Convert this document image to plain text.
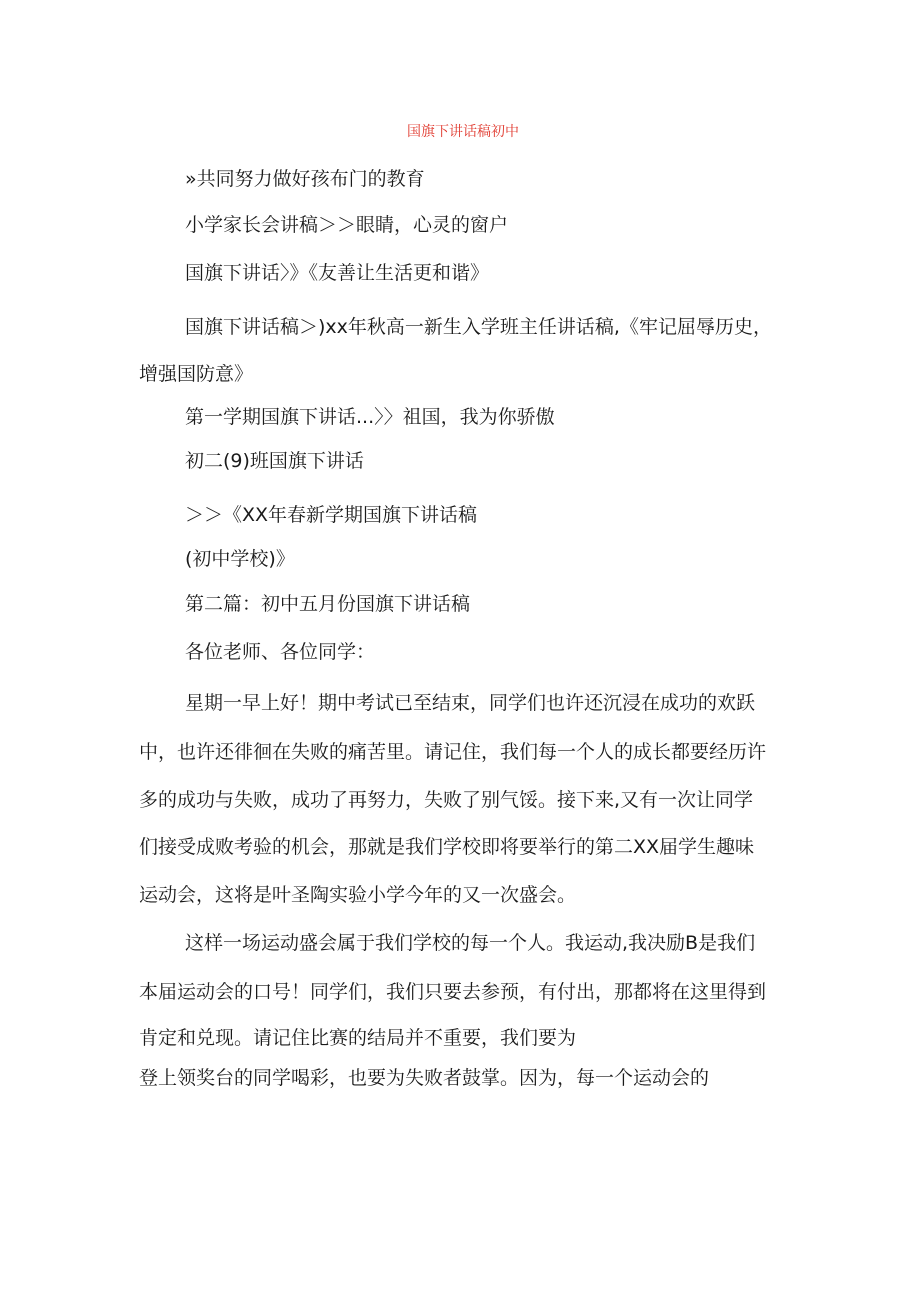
国旗下讲话稿初中
»共同努力做好孩布门的教育
小学家长会讲稿＞＞眼睛，心灵的窗户
国旗下讲话〉》《友善让生活更和谐》
国旗下讲话稿＞)xx年秋高一新生入学班主任讲话稿,《牢记屈辱历史，
增强国防意》
第一学期国旗下讲话...〉〉祖国，我为你骄傲
初二(9)班国旗下讲话
＞＞《XX年春新学期国旗下讲话稿
(初中学校)》
第二篇：初中五月份国旗下讲话稿
各位老师、各位同学：
星期一早上好！期中考试已至结束，同学们也许还沉浸在成功的欢跃
中，也许还徘徊在失败的痛苦里。请记住，我们每一个人的成长都要经历许
多的成功与失败，成功了再努力，失败了别气馁。接下来,又有一次让同学
们接受成败考验的机会，那就是我们学校即将要举行的第二XX届学生趣味
运动会，这将是叶圣陶实验小学今年的又一次盛会。
这样一场运动盛会属于我们学校的每一个人。我运动,我决励B是我们
本届运动会的口号！同学们，我们只要去参预，有付出，那都将在这里得到
肯定和兑现。请记住比赛的结局并不重要，我们要为
登上领奖台的同学喝彩，也要为失败者鼓掌。因为，每一个运动会的
